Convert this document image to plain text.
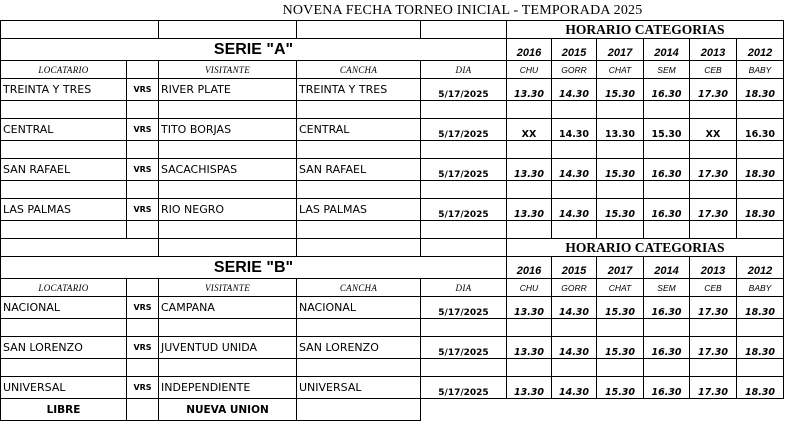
NOVENA FECHA TORNEO INICIAL - TEMPORADA 2025
					HORARIO CATEGORIAS					
SERIE "A"					2016	2015	2017	2014	2013	2012
LOCATARIO		VISITANTE	CANCHA	DIA	CHU	GORR	CHAT	SEM	CEB	BABY
TREINTA Y TRES	VRS	RIVER PLATE	TREINTA Y TRES	5/17/2025	13.30	14.30	15.30	16.30	17.30	18.30

CENTRAL	VRS	TITO BORJAS	CENTRAL	5/17/2025	XX	14.30	13.30	15.30	XX	16.30

SAN RAFAEL	VRS	SACACHISPAS	SAN RAFAEL	5/17/2025	13.30	14.30	15.30	16.30	17.30	18.30

LAS PALMAS	VRS	RIO NEGRO	LAS PALMAS	5/17/2025	13.30	14.30	15.30	16.30	17.30	18.30

					HORARIO CATEGORIAS					
SERIE "B"					2016	2015	2017	2014	2013	2012
LOCATARIO		VISITANTE	CANCHA	DIA	CHU	GORR	CHAT	SEM	CEB	BABY
NACIONAL	VRS	CAMPANA	NACIONAL	5/17/2025	13.30	14.30	15.30	16.30	17.30	18.30

SAN LORENZO	VRS	JUVENTUD UNIDA	SAN LORENZO	5/17/2025	13.30	14.30	15.30	16.30	17.30	18.30

UNIVERSAL	VRS	INDEPENDIENTE	UNIVERSAL	5/17/2025	13.30	14.30	15.30	16.30	17.30	18.30
LIBRE		NUEVA UNION								
